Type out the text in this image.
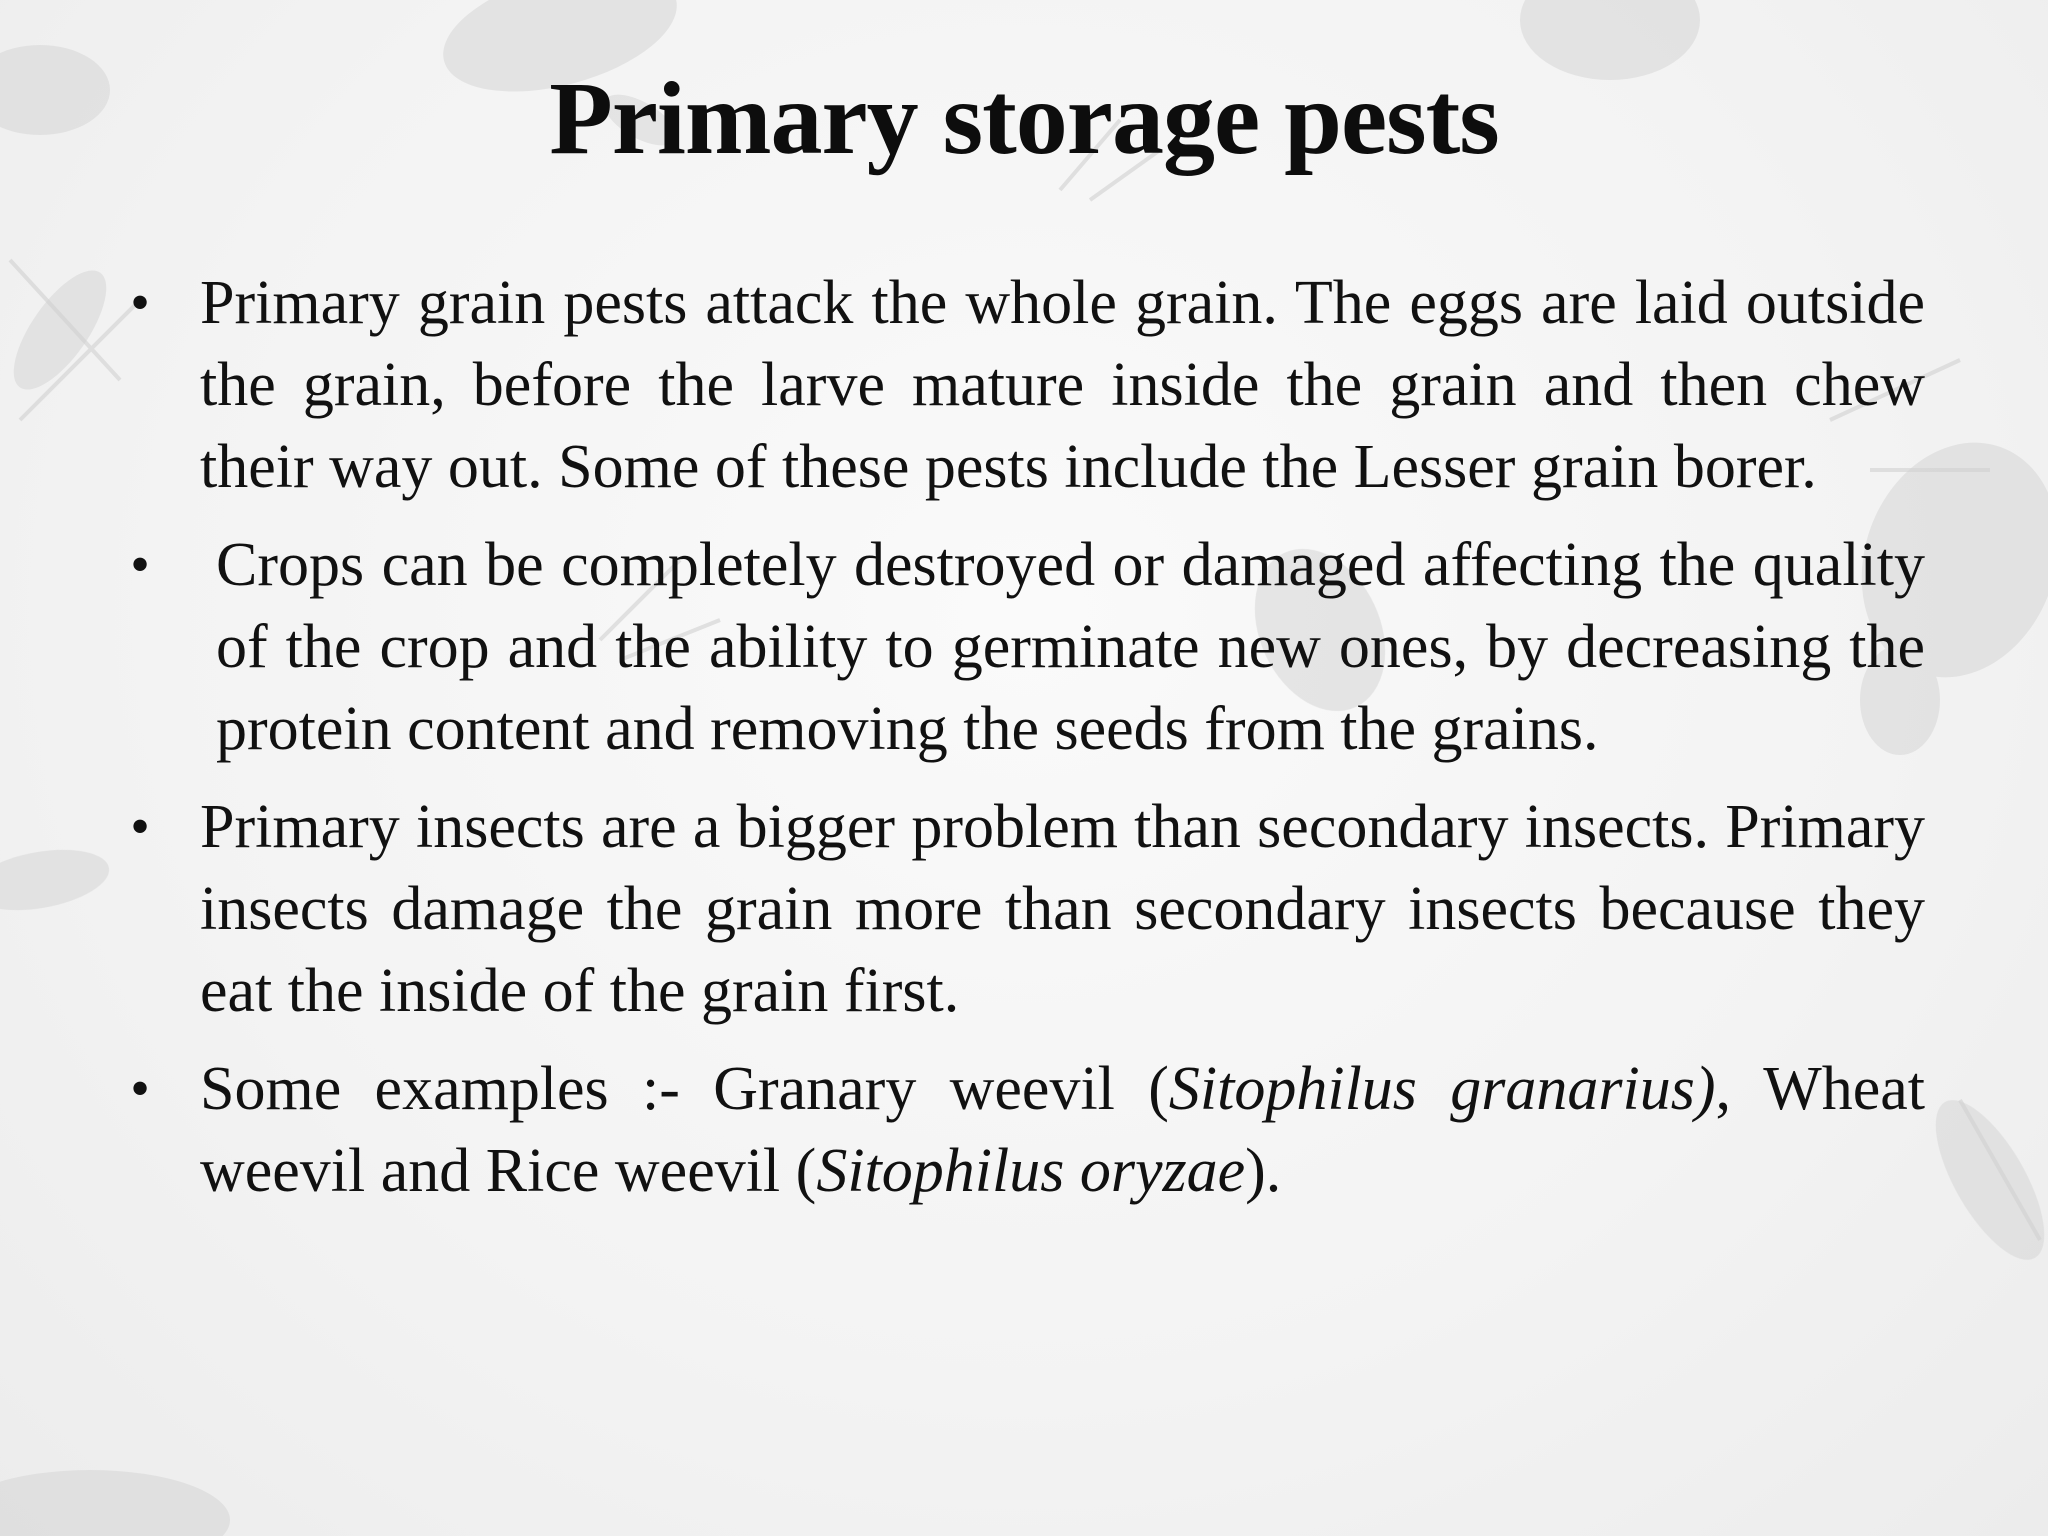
Primary storage pests
• Primary grain pests attack the whole grain. The eggs are laid outside the grain, before the larve mature inside the grain and then chew their way out. Some of these pests include the Lesser grain borer.
• Crops can be completely destroyed or damaged affecting the quality of the crop and the ability to germinate new ones, by decreasing the protein content and removing the seeds from the grains.
• Primary insects are a bigger problem than secondary insects. Primary insects damage the grain more than secondary insects because they eat the inside of the grain first.
• Some examples :- Granary weevil (Sitophilus granarius), Wheat weevil and Rice weevil (Sitophilus oryzae).
